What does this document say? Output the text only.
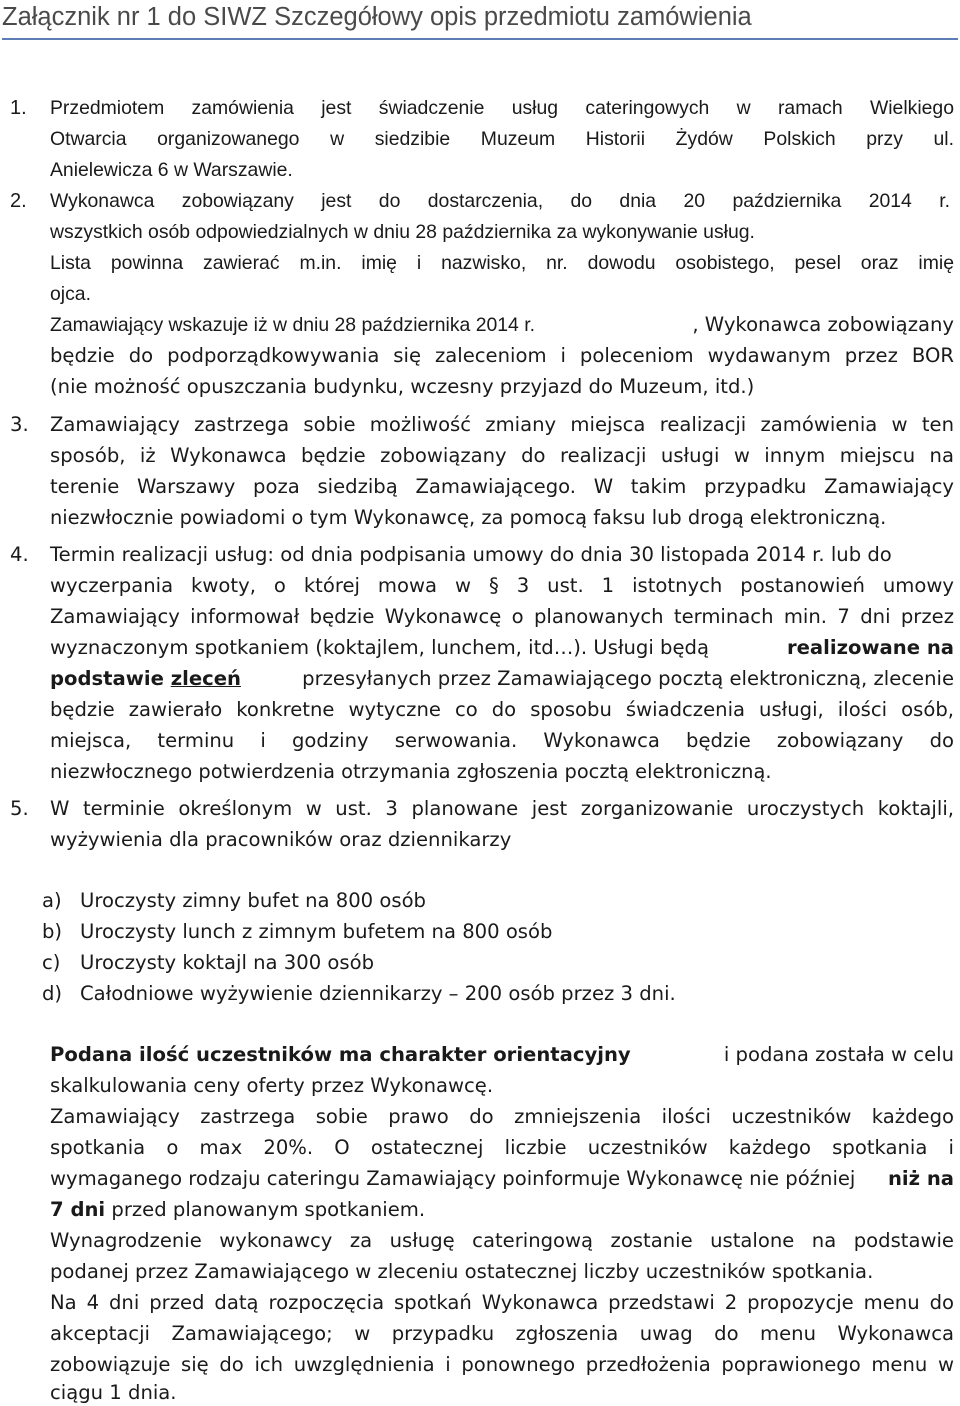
Załącznik nr 1 do SIWZ Szczegółowy opis przedmiotu zamówienia
1. Przedmiotem zamówienia jest świadczenie usług cateringowych w ramach Wielkiego
Otwarcia organizowanego w siedzibie Muzeum Historii Żydów Polskich przy ul.
Anielewicza 6 w Warszawie.
2. Wykonawca zobowiązany jest do dostarczenia, do dnia 20 października 2014 r.
wszystkich osób odpowiedzialnych w dniu 28 października za wykonywanie usług.
Lista powinna zawierać m.in. imię i nazwisko, nr. dowodu osobistego, pesel oraz imię
ojca.
Zamawiający wskazuje iż w dniu 28 października 2014 r.	, Wykonawca zobowiązany
będzie do podporządkowywania się zaleceniom i poleceniom wydawanym przez BOR
(nie możność opuszczania budynku, wczesny przyjazd do Muzeum, itd.)
3. Zamawiający zastrzega sobie możliwość zmiany miejsca realizacji zamówienia w ten
sposób, iż Wykonawca będzie zobowiązany do realizacji usługi w innym miejscu na
terenie Warszawy poza siedzibą Zamawiającego. W takim przypadku Zamawiający
niezwłocznie powiadomi o tym Wykonawcę, za pomocą faksu lub drogą elektroniczną.
4. Termin realizacji usług: od dnia podpisania umowy do dnia 30 listopada 2014 r. lub do
wyczerpania kwoty, o której mowa w § 3 ust. 1 istotnych postanowień umowy
Zamawiający informował będzie Wykonawcę o planowanych terminach min. 7 dni przez
wyznaczonym spotkaniem (koktajlem, lunchem, itd…). Usługi będą	realizowane na
podstawie zleceń	przesyłanych przez Zamawiającego pocztą elektroniczną, zlecenie
będzie zawierało konkretne wytyczne co do sposobu świadczenia usługi, ilości osób,
miejsca, terminu i godziny serwowania. Wykonawca będzie zobowiązany do
niezwłocznego potwierdzenia otrzymania zgłoszenia pocztą elektroniczną.
5. W terminie określonym w ust. 3 planowane jest zorganizowanie uroczystych koktajli,
wyżywienia dla pracowników oraz dziennikarzy
a) Uroczysty zimny bufet na 800 osób
b) Uroczysty lunch z zimnym bufetem na 800 osób
c) Uroczysty koktajl na 300 osób
d) Całodniowe wyżywienie dziennikarzy – 200 osób przez 3 dni.
Podana ilość uczestników ma charakter orientacyjny	i podana została w celu
skalkulowania ceny oferty przez Wykonawcę.
Zamawiający zastrzega sobie prawo do zmniejszenia ilości uczestników każdego
spotkania o max 20%. O ostatecznej liczbie uczestników każdego spotkania i
wymaganego rodzaju cateringu Zamawiający poinformuje Wykonawcę nie później niż na
7 dni przed planowanym spotkaniem.
Wynagrodzenie wykonawcy za usługę cateringową zostanie ustalone na podstawie
podanej przez Zamawiającego w zleceniu ostatecznej liczby uczestników spotkania.
Na 4 dni przed datą rozpoczęcia spotkań Wykonawca przedstawi 2 propozycje menu do
akceptacji Zamawiającego; w przypadku zgłoszenia uwag do menu Wykonawca
zobowiązuje się do ich uwzględnienia i ponownego przedłożenia poprawionego menu w
ciągu 1 dnia.
